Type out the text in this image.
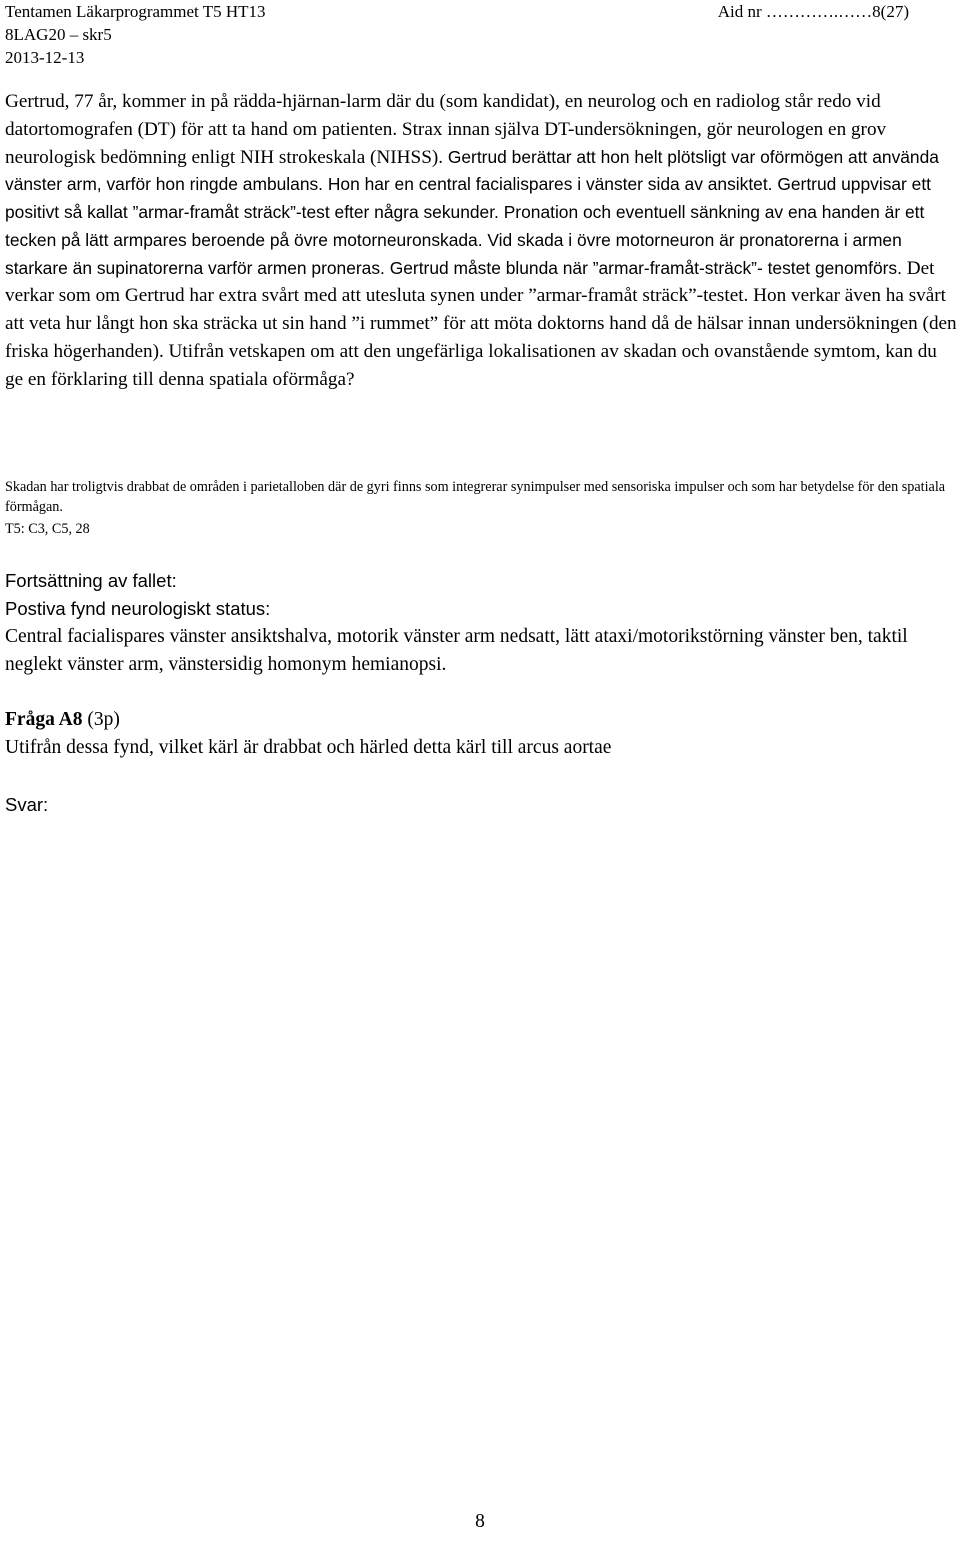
Tentamen Läkarprogrammet T5 HT13	Aid nr ………….……8(27)
8LAG20 – skr5
2013-12-13
Gertrud, 77 år, kommer in på rädda-hjärnan-larm där du (som kandidat), en neurolog och en radiolog står redo vid datortomografen (DT) för att ta hand om patienten. Strax innan själva DT-undersökningen, gör neurologen en grov neurologisk bedömning enligt NIH strokeskala (NIHSS). Gertrud berättar att hon helt plötsligt var oförmögen att använda vänster arm, varför hon ringde ambulans. Hon har en central facialispares i vänster sida av ansiktet. Gertrud uppvisar ett positivt så kallat ”armar-framåt sträck”-test efter några sekunder. Pronation och eventuell sänkning av ena handen är ett tecken på lätt armpares beroende på övre motorneuronskada. Vid skada i övre motorneuron är pronatorerna i armen starkare än supinatorerna varför armen proneras. Gertrud måste blunda när ”armar-framåt-sträck”- testet genomförs. Det verkar som om Gertrud har extra svårt med att utesluta synen under ”armar-framåt sträck”-testet. Hon verkar även ha svårt att veta hur långt hon ska sträcka ut sin hand ”i rummet” för att möta doktorns hand då de hälsar innan undersökningen (den friska högerhanden). Utifrån vetskapen om att den ungefärliga lokalisationen av skadan och ovanstående symtom, kan du ge en förklaring till denna spatiala oförmåga?
Skadan har troligtvis drabbat de områden i parietalloben där de gyri finns som integrerar synimpulser med sensoriska impulser och som har betydelse för den spatiala förmågan.
T5: C3, C5, 28
Fortsättning av fallet:
Postiva fynd neurologiskt status:
Central facialispares vänster ansiktshalva, motorik vänster arm nedsatt, lätt ataxi/motorikstörning vänster ben, taktil neglekt vänster arm, vänstersidig homonym hemianopsi.
Fråga A8 (3p)
Utifrån dessa fynd, vilket kärl är drabbat och härled detta kärl till arcus aortae
Svar:
8
